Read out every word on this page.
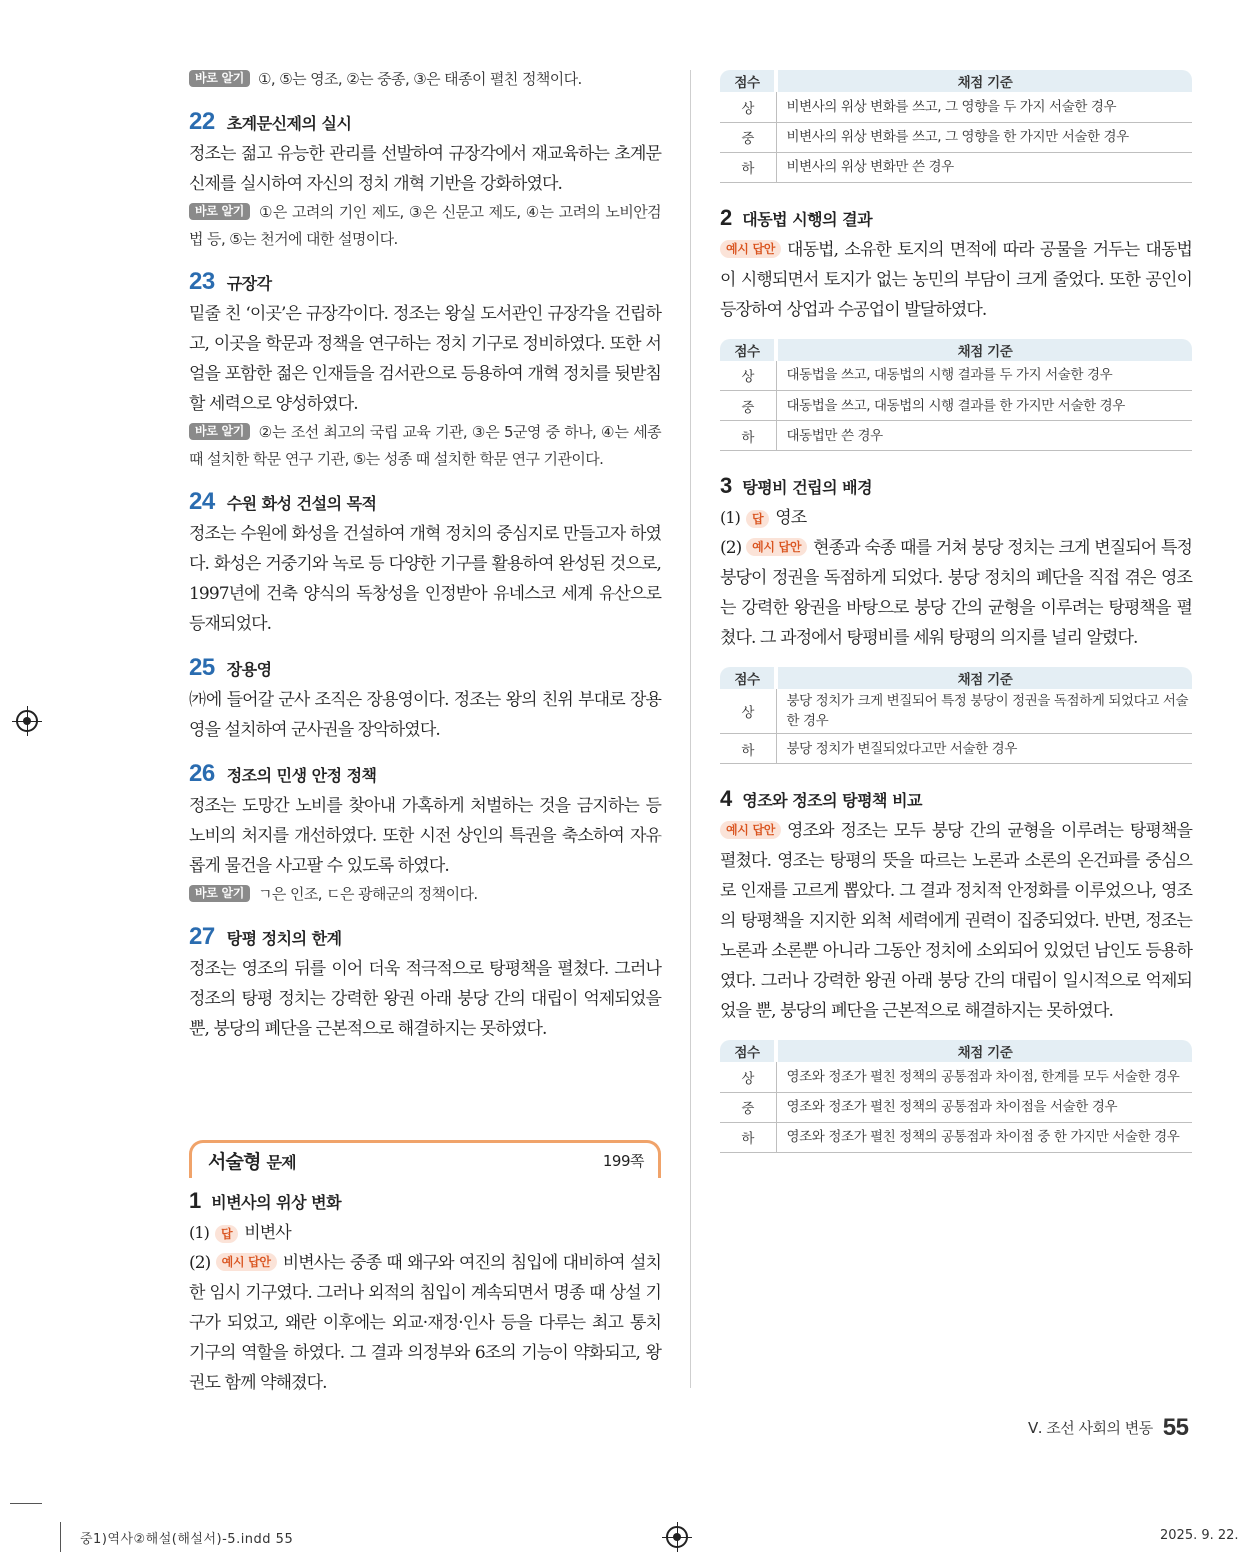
바로 알기 ①, ⑤는 영조, ②는 중종, ③은 태종이 펼친 정책이다.

22 초계문신제의 실시

정조는 젊고 유능한 관리를 선발하여 규장각에서 재교육하는 초계문신제를 실시하여 자신의 정치 개혁 기반을 강화하였다.

바로 알기 ①은 고려의 기인 제도, ③은 신문고 제도, ④는 고려의 노비안검법 등, ⑤는 천거에 대한 설명이다.

23 규장각

밑줄 친 ‘이곳’은 규장각이다. 정조는 왕실 도서관인 규장각을 건립하고, 이곳을 학문과 정책을 연구하는 정치 기구로 정비하였다. 또한 서얼을 포함한 젊은 인재들을 검서관으로 등용하여 개혁 정치를 뒷받침할 세력으로 양성하였다.

바로 알기 ②는 조선 최고의 국립 교육 기관, ③은 5군영 중 하나, ④는 세종 때 설치한 학문 연구 기관, ⑤는 성종 때 설치한 학문 연구 기관이다.

24 수원 화성 건설의 목적

정조는 수원에 화성을 건설하여 개혁 정치의 중심지로 만들고자 하였다. 화성은 거중기와 녹로 등 다양한 기구를 활용하여 완성된 것으로, 1997년에 건축 양식의 독창성을 인정받아 유네스코 세계 유산으로 등재되었다.

25 장용영

㈎에 들어갈 군사 조직은 장용영이다. 정조는 왕의 친위 부대로 장용영을 설치하여 군사권을 장악하였다.

26 정조의 민생 안정 정책

정조는 도망간 노비를 찾아내 가혹하게 처벌하는 것을 금지하는 등 노비의 처지를 개선하였다. 또한 시전 상인의 특권을 축소하여 자유롭게 물건을 사고팔 수 있도록 하였다.

바로 알기 ㄱ은 인조, ㄷ은 광해군의 정책이다.

27 탕평 정치의 한계

정조는 영조의 뒤를 이어 더욱 적극적으로 탕평책을 펼쳤다. 그러나 정조의 탕평 정치는 강력한 왕권 아래 붕당 간의 대립이 억제되었을 뿐, 붕당의 폐단을 근본적으로 해결하지는 못하였다.

서술형 문제	199쪽
1 비변사의 위상 변화
(1)	답 비변사

(2) 예시 답안 비변사는 중종 때 왜구와 여진의 침입에 대비하여 설치한 임시 기구였다. 그러나 외적의 침입이 계속되면서 명종 때 상설 기구가 되었고, 왜란 이후에는 외교·재정·인사 등을 다루는 최고 통치 기구의 역할을 하였다. 그 결과 의정부와 6조의 기능이 약화되고, 왕권도 함께 약해졌다.

점수	채점 기준
상	비변사의 위상 변화를 쓰고, 그 영향을 두 가지 서술한 경우
중	비변사의 위상 변화를 쓰고, 그 영향을 한 가지만 서술한 경우
하	비변사의 위상 변화만 쓴 경우
2 대동법 시행의 결과

예시 답안 대동법, 소유한 토지의 면적에 따라 공물을 거두는 대동법이 시행되면서 토지가 없는 농민의 부담이 크게 줄었다. 또한 공인이 등장하여 상업과 수공업이 발달하였다.

점수	채점 기준
상	대동법을 쓰고, 대동법의 시행 결과를 두 가지 서술한 경우
중	대동법을 쓰고, 대동법의 시행 결과를 한 가지만 서술한 경우
하	대동법만 쓴 경우
3 탕평비 건립의 배경
(1)	답 영조

(2) 예시 답안 현종과 숙종 때를 거쳐 붕당 정치는 크게 변질되어 특정 붕당이 정권을 독점하게 되었다. 붕당 정치의 폐단을 직접 겪은 영조는 강력한 왕권을 바탕으로 붕당 간의 균형을 이루려는 탕평책을 펼쳤다. 그 과정에서 탕평비를 세워 탕평의 의지를 널리 알렸다.

점수	채점 기준
상	붕당 정치가 크게 변질되어 특정 붕당이 정권을 독점하게 되었다고 서술한 경우
하	붕당 정치가 변질되었다고만 서술한 경우
4 영조와 정조의 탕평책 비교

예시 답안 영조와 정조는 모두 붕당 간의 균형을 이루려는 탕평책을 펼쳤다. 영조는 탕평의 뜻을 따르는 노론과 소론의 온건파를 중심으로 인재를 고르게 뽑았다. 그 결과 정치적 안정화를 이루었으나, 영조의 탕평책을 지지한 외척 세력에게 권력이 집중되었다. 반면, 정조는 노론과 소론뿐 아니라 그동안 정치에 소외되어 있었던 남인도 등용하였다. 그러나 강력한 왕권 아래 붕당 간의 대립이 일시적으로 억제되었을 뿐, 붕당의 폐단을 근본적으로 해결하지는 못하였다.

점수	채점 기준
상	영조와 정조가 펼친 정책의 공통점과 차이점, 한계를 모두 서술한 경우
중	영조와 정조가 펼친 정책의 공통점과 차이점을 서술한 경우
하	영조와 정조가 펼친 정책의 공통점과 차이점 중 한 가지만 서술한 경우
Ⅴ. 조선 사회의 변동 55
중1)역사②해설(해설서)-5.indd 55	2025. 9. 22.
